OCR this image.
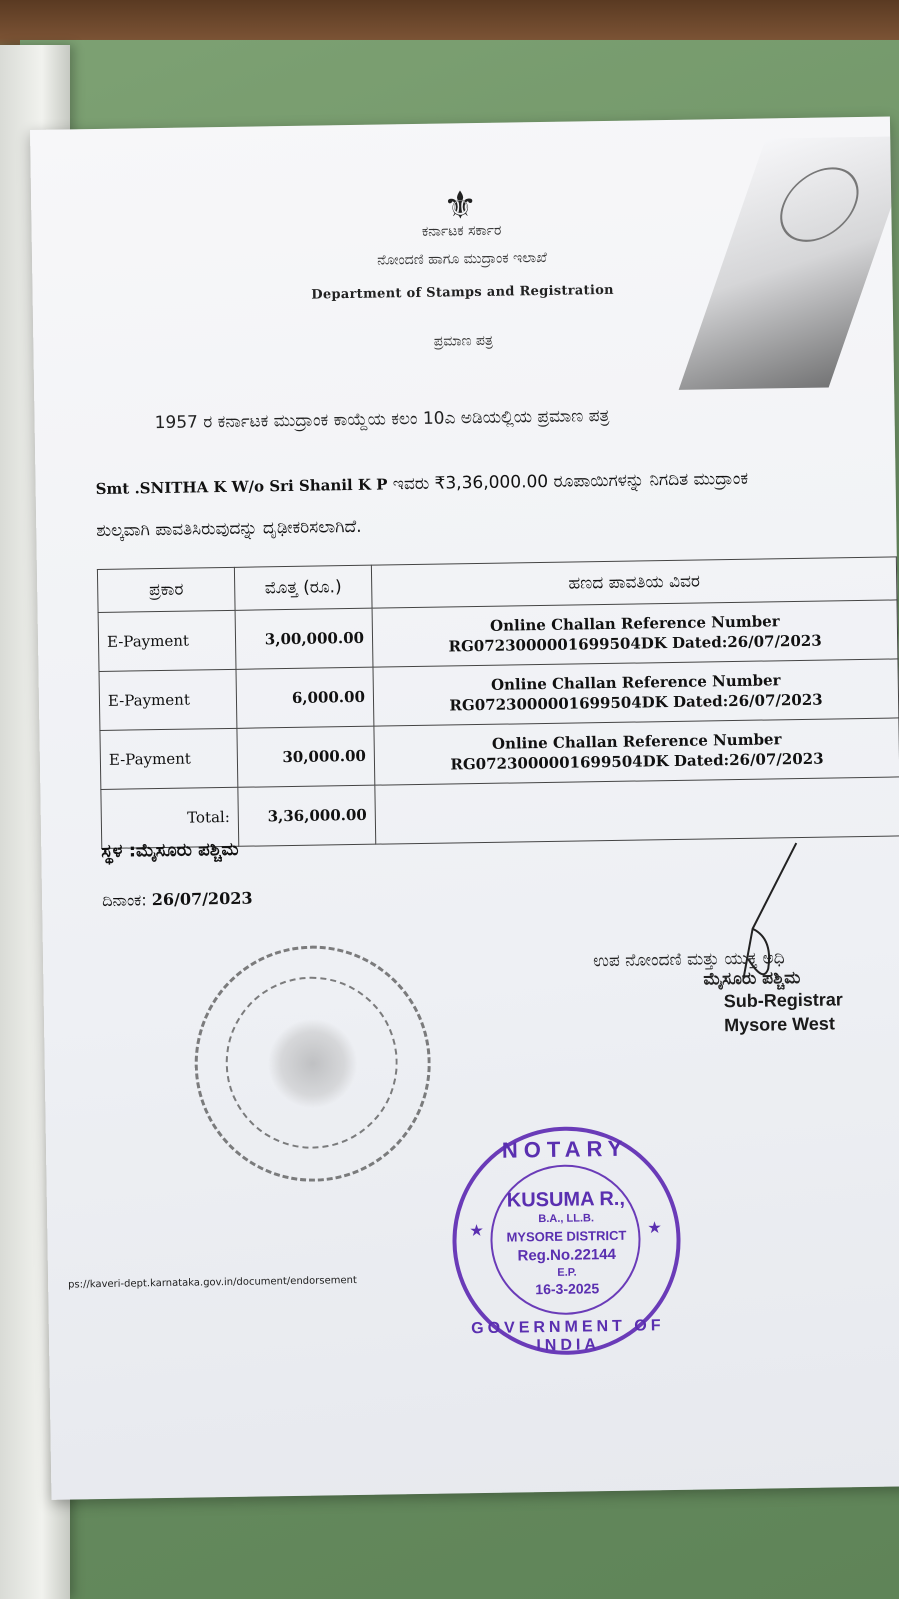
⚜
ಕರ್ನಾಟಕ ಸರ್ಕಾರ
ನೋಂದಣಿ ಹಾಗೂ ಮುದ್ರಾಂಕ ಇಲಾಖೆ
Department of Stamps and Registration
ಪ್ರಮಾಣ ಪತ್ರ
1957 ರ ಕರ್ನಾಟಕ ಮುದ್ರಾಂಕ ಕಾಯ್ದೆಯ ಕಲಂ 10ಎ ಅಡಿಯಲ್ಲಿಯ ಪ್ರಮಾಣ ಪತ್ರ
Smt .SNITHA K W/o Sri Shanil K P ಇವರು ₹3,36,000.00 ರೂಪಾಯಿಗಳನ್ನು ನಿಗದಿತ ಮುದ್ರಾಂಕ
ಶುಲ್ಕವಾಗಿ ಪಾವತಿಸಿರುವುದನ್ನು ದೃಢೀಕರಿಸಲಾಗಿದೆ.
ಪ್ರಕಾರ	ಮೊತ್ತ (ರೂ.)	ಹಣದ ಪಾವತಿಯ ವಿವರ
E-Payment	3,00,000.00	Online Challan Reference Number
RG0723000001699504DK Dated:26/07/2023

E-Payment	6,000.00	Online Challan Reference Number
RG0723000001699504DK Dated:26/07/2023

E-Payment	30,000.00	Online Challan Reference Number
RG0723000001699504DK Dated:26/07/2023

Total:	3,36,000.00	
ಸ್ಥಳ :ಮೈಸೂರು ಪಶ್ಚಿಮ
ದಿನಾಂಕ: 26/07/2023
ಉಪ ನೋಂದಣಿ ಮತ್ತು ಯುಕ್ತ ಅಧಿ
ಮೈಸೂರು ಪಶ್ಚಿಮ
Sub-Registrar
Mysore West
★	★
NOTARY
KUSUMA R.,
B.A., LL.B.
MYSORE DISTRICT
Reg.No.22144
E.P.
16-3-2025
GOVERNMENT OF INDIA
ps://kaveri-dept.karnataka.gov.in/document/endorsement
